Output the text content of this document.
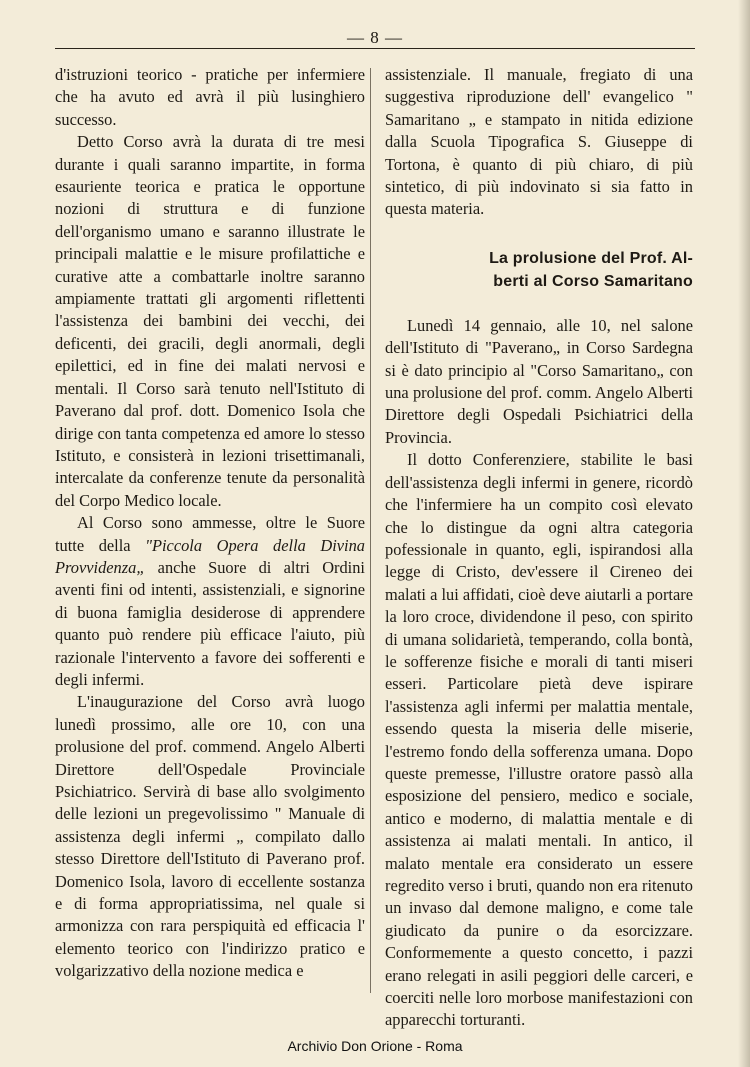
— 8 —

d'istruzioni teorico - pratiche per infermiere che ha avuto ed avrà il più lusinghiero successo.

Detto Corso avrà la durata di tre mesi durante i quali saranno impartite, in forma esauriente teorica e pratica le opportune nozioni di struttura e di funzione dell'organismo umano e saranno illustrate le principali malattie e le misure profilattiche e curative atte a combattarle inoltre saranno ampiamente trattati gli argomenti riflettenti l'assistenza dei bambini dei vecchi, dei deficenti, dei gracili, degli anormali, degli epilettici, ed in fine dei malati nervosi e mentali. Il Corso sarà tenuto nell'Istituto di Paverano dal prof. dott. Domenico Isola che dirige con tanta competenza ed amore lo stesso Istituto, e consisterà in lezioni trisettimanali, intercalate da conferenze tenute da personalità del Corpo Medico locale.

Al Corso sono ammesse, oltre le Suore tutte della "Piccola Opera della Divina Provvidenza„ anche Suore di altri Ordini aventi fini od intenti, assistenziali, e signorine di buona famiglia desiderose di apprendere quanto può rendere più efficace l'aiuto, più razionale l'intervento a favore dei sofferenti e degli infermi.

L'inaugurazione del Corso avrà luogo lunedì prossimo, alle ore 10, con una prolusione del prof. commend. Angelo Alberti Direttore dell'Ospedale Provinciale Psichiatrico. Servirà di base allo svolgimento delle lezioni un pregevolissimo " Manuale di assistenza degli infermi „ compilato dallo stesso Direttore dell'Istituto di Paverano prof. Domenico Isola, lavoro di eccellente sostanza e di forma appropriatissima, nel quale si armonizza con rara perspiquità ed efficacia l' elemento teorico con l'indirizzo pratico e volgarizzativo della nozione medica e

assistenziale. Il manuale, fregiato di una suggestiva riproduzione dell' evangelico " Samaritano „ e stampato in nitida edizione dalla Scuola Tipografica S. Giuseppe di Tortona, è quanto di più chiaro, di più sintetico, di più indovinato si sia fatto in questa materia.

La prolusione del Prof. Al-
berti al Corso Samaritano

Lunedì 14 gennaio, alle 10, nel salone dell'Istituto di "Paverano„ in Corso Sardegna si è dato principio al "Corso Samaritano„ con una prolusione del prof. comm. Angelo Alberti Direttore degli Ospedali Psichiatrici della Provincia.

Il dotto Conferenziere, stabilite le basi dell'assistenza degli infermi in genere, ricordò che l'infermiere ha un compito così elevato che lo distingue da ogni altra categoria pofessionale in quanto, egli, ispirandosi alla legge di Cristo, dev'essere il Cireneo dei malati a lui affidati, cioè deve aiutarli a portare la loro croce, dividendone il peso, con spirito di umana solidarietà, temperando, colla bontà, le sofferenze fisiche e morali di tanti miseri esseri. Particolare pietà deve ispirare l'assistenza agli infermi per malattia mentale, essendo questa la miseria delle miserie, l'estremo fondo della sofferenza umana. Dopo queste premesse, l'illustre oratore passò alla esposizione del pensiero, medico e sociale, antico e moderno, di malattia mentale e di assistenza ai malati mentali. In antico, il malato mentale era considerato un essere regredito verso i bruti, quando non era ritenuto un invaso dal demone maligno, e come tale giudicato da punire o da esorcizzare. Conformemente a questo concetto, i pazzi erano relegati in asili peggiori delle carceri, e coerciti nelle loro morbose manifestazioni con apparecchi torturanti.

Archivio Don Orione - Roma
